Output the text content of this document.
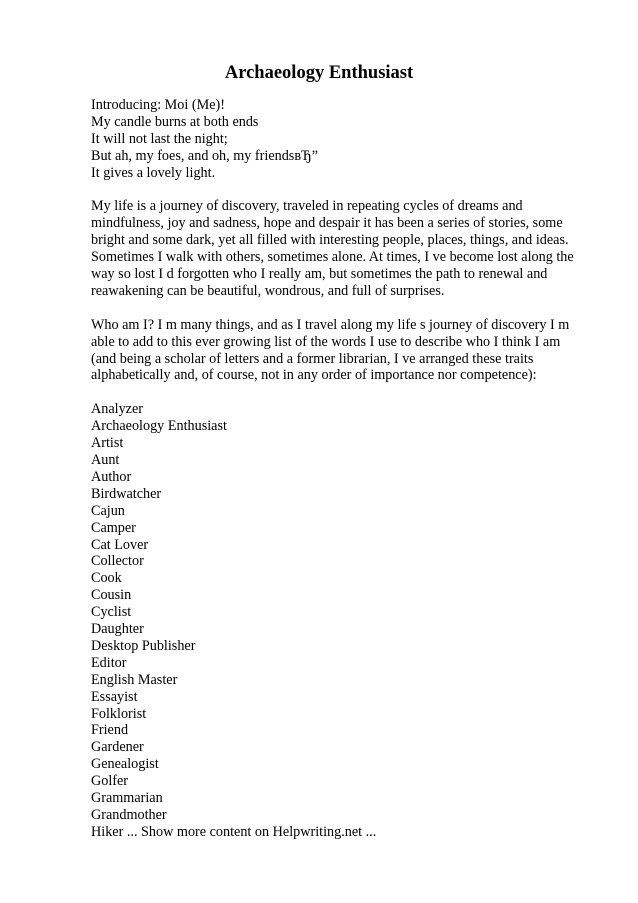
Archaeology Enthusiast
Introducing: Moi (Me)!
My candle burns at both ends
It will not last the night;
But ah, my foes, and oh, my friendsвЂ”
It gives a lovely light.
My life is a journey of discovery, traveled in repeating cycles of dreams and
mindfulness, joy and sadness, hope and despair it has been a series of stories, some
bright and some dark, yet all filled with interesting people, places, things, and ideas.
Sometimes I walk with others, sometimes alone. At times, I ve become lost along the
way so lost I d forgotten who I really am, but sometimes the path to renewal and
reawakening can be beautiful, wondrous, and full of surprises.
Who am I? I m many things, and as I travel along my life s journey of discovery I m
able to add to this ever growing list of the words I use to describe who I think I am
(and being a scholar of letters and a former librarian, I ve arranged these traits
alphabetically and, of course, not in any order of importance nor competence):
Analyzer
Archaeology Enthusiast
Artist
Aunt
Author
Birdwatcher
Cajun
Camper
Cat Lover
Collector
Cook
Cousin
Cyclist
Daughter
Desktop Publisher
Editor
English Master
Essayist
Folklorist
Friend
Gardener
Genealogist
Golfer
Grammarian
Grandmother
Hiker ... Show more content on Helpwriting.net ...
